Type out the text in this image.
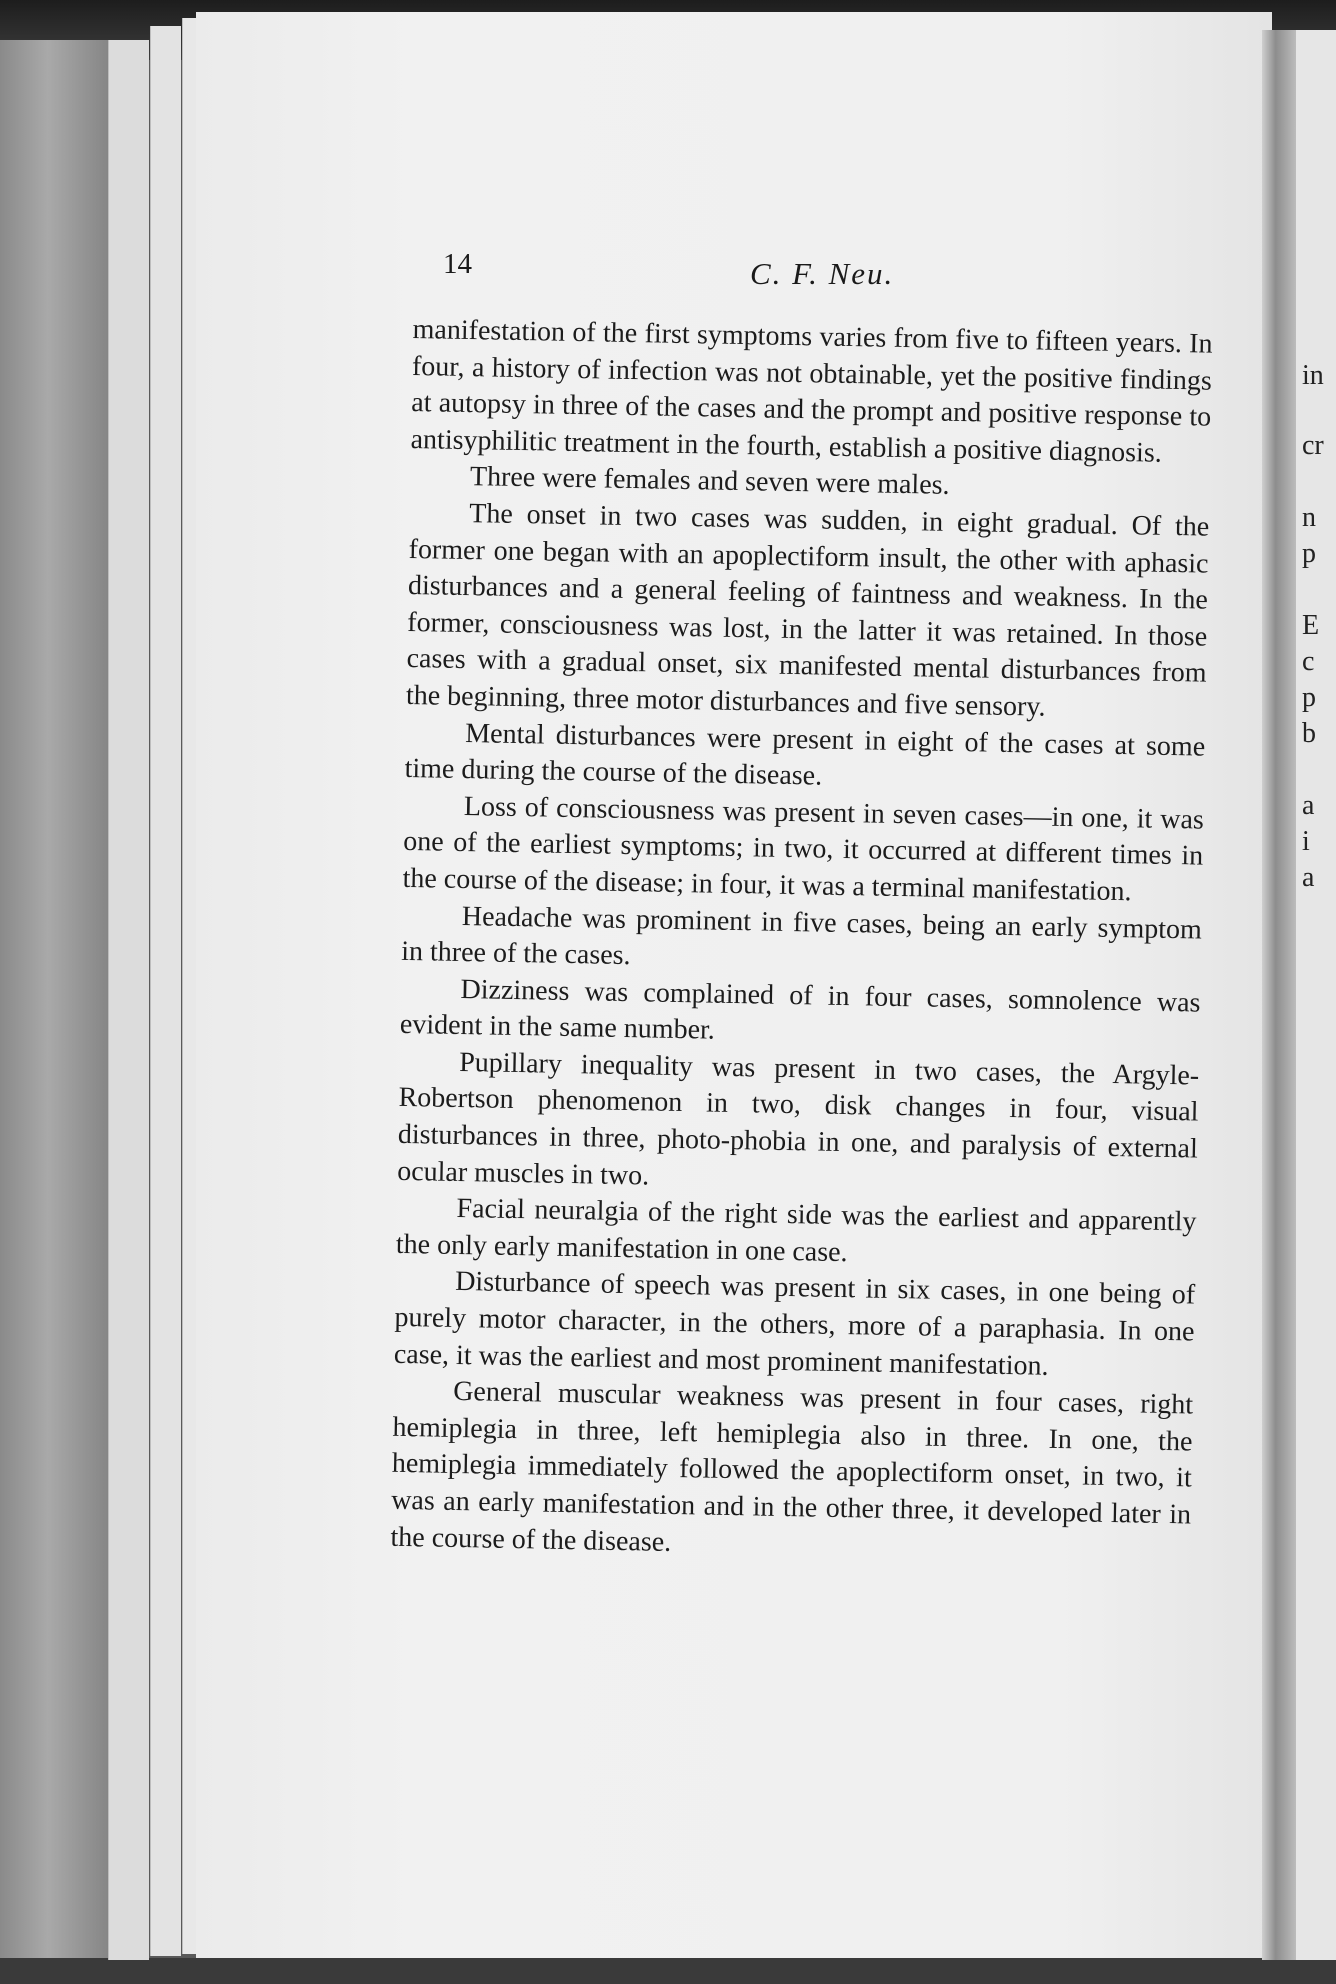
in
cr
n
p
E
c
p
b
a
i
a
14	C. F. Neu.

manifestation of the first symptoms varies from five to fifteen years. In four, a history of infection was not obtainable, yet the positive findings at autopsy in three of the cases and the prompt and positive response to antisyphilitic treatment in the fourth, establish a positive diagnosis.

Three were females and seven were males.

The onset in two cases was sudden, in eight gradual. Of the former one began with an apoplectiform insult, the other with aphasic disturbances and a general feeling of faintness and weakness. In the former, consciousness was lost, in the latter it was retained. In those cases with a gradual onset, six manifested mental disturbances from the beginning, three motor disturbances and five sensory.

Mental disturbances were present in eight of the cases at some time during the course of the disease.

Loss of consciousness was present in seven cases—in one, it was one of the earliest symptoms; in two, it occurred at different times in the course of the disease; in four, it was a terminal manifestation.

Headache was prominent in five cases, being an early symptom in three of the cases.

Dizziness was complained of in four cases, somnolence was evident in the same number.

Pupillary inequality was present in two cases, the Argyle-Robertson phenomenon in two, disk changes in four, visual disturbances in three, photo-phobia in one, and paralysis of external ocular muscles in two.

Facial neuralgia of the right side was the earliest and apparently the only early manifestation in one case.

Disturbance of speech was present in six cases, in one being of purely motor character, in the others, more of a paraphasia. In one case, it was the earliest and most prominent manifestation.

General muscular weakness was present in four cases, right hemiplegia in three, left hemiplegia also in three. In one, the hemiplegia immediately followed the apoplectiform onset, in two, it was an early manifestation and in the other three, it developed later in the course of the disease.
